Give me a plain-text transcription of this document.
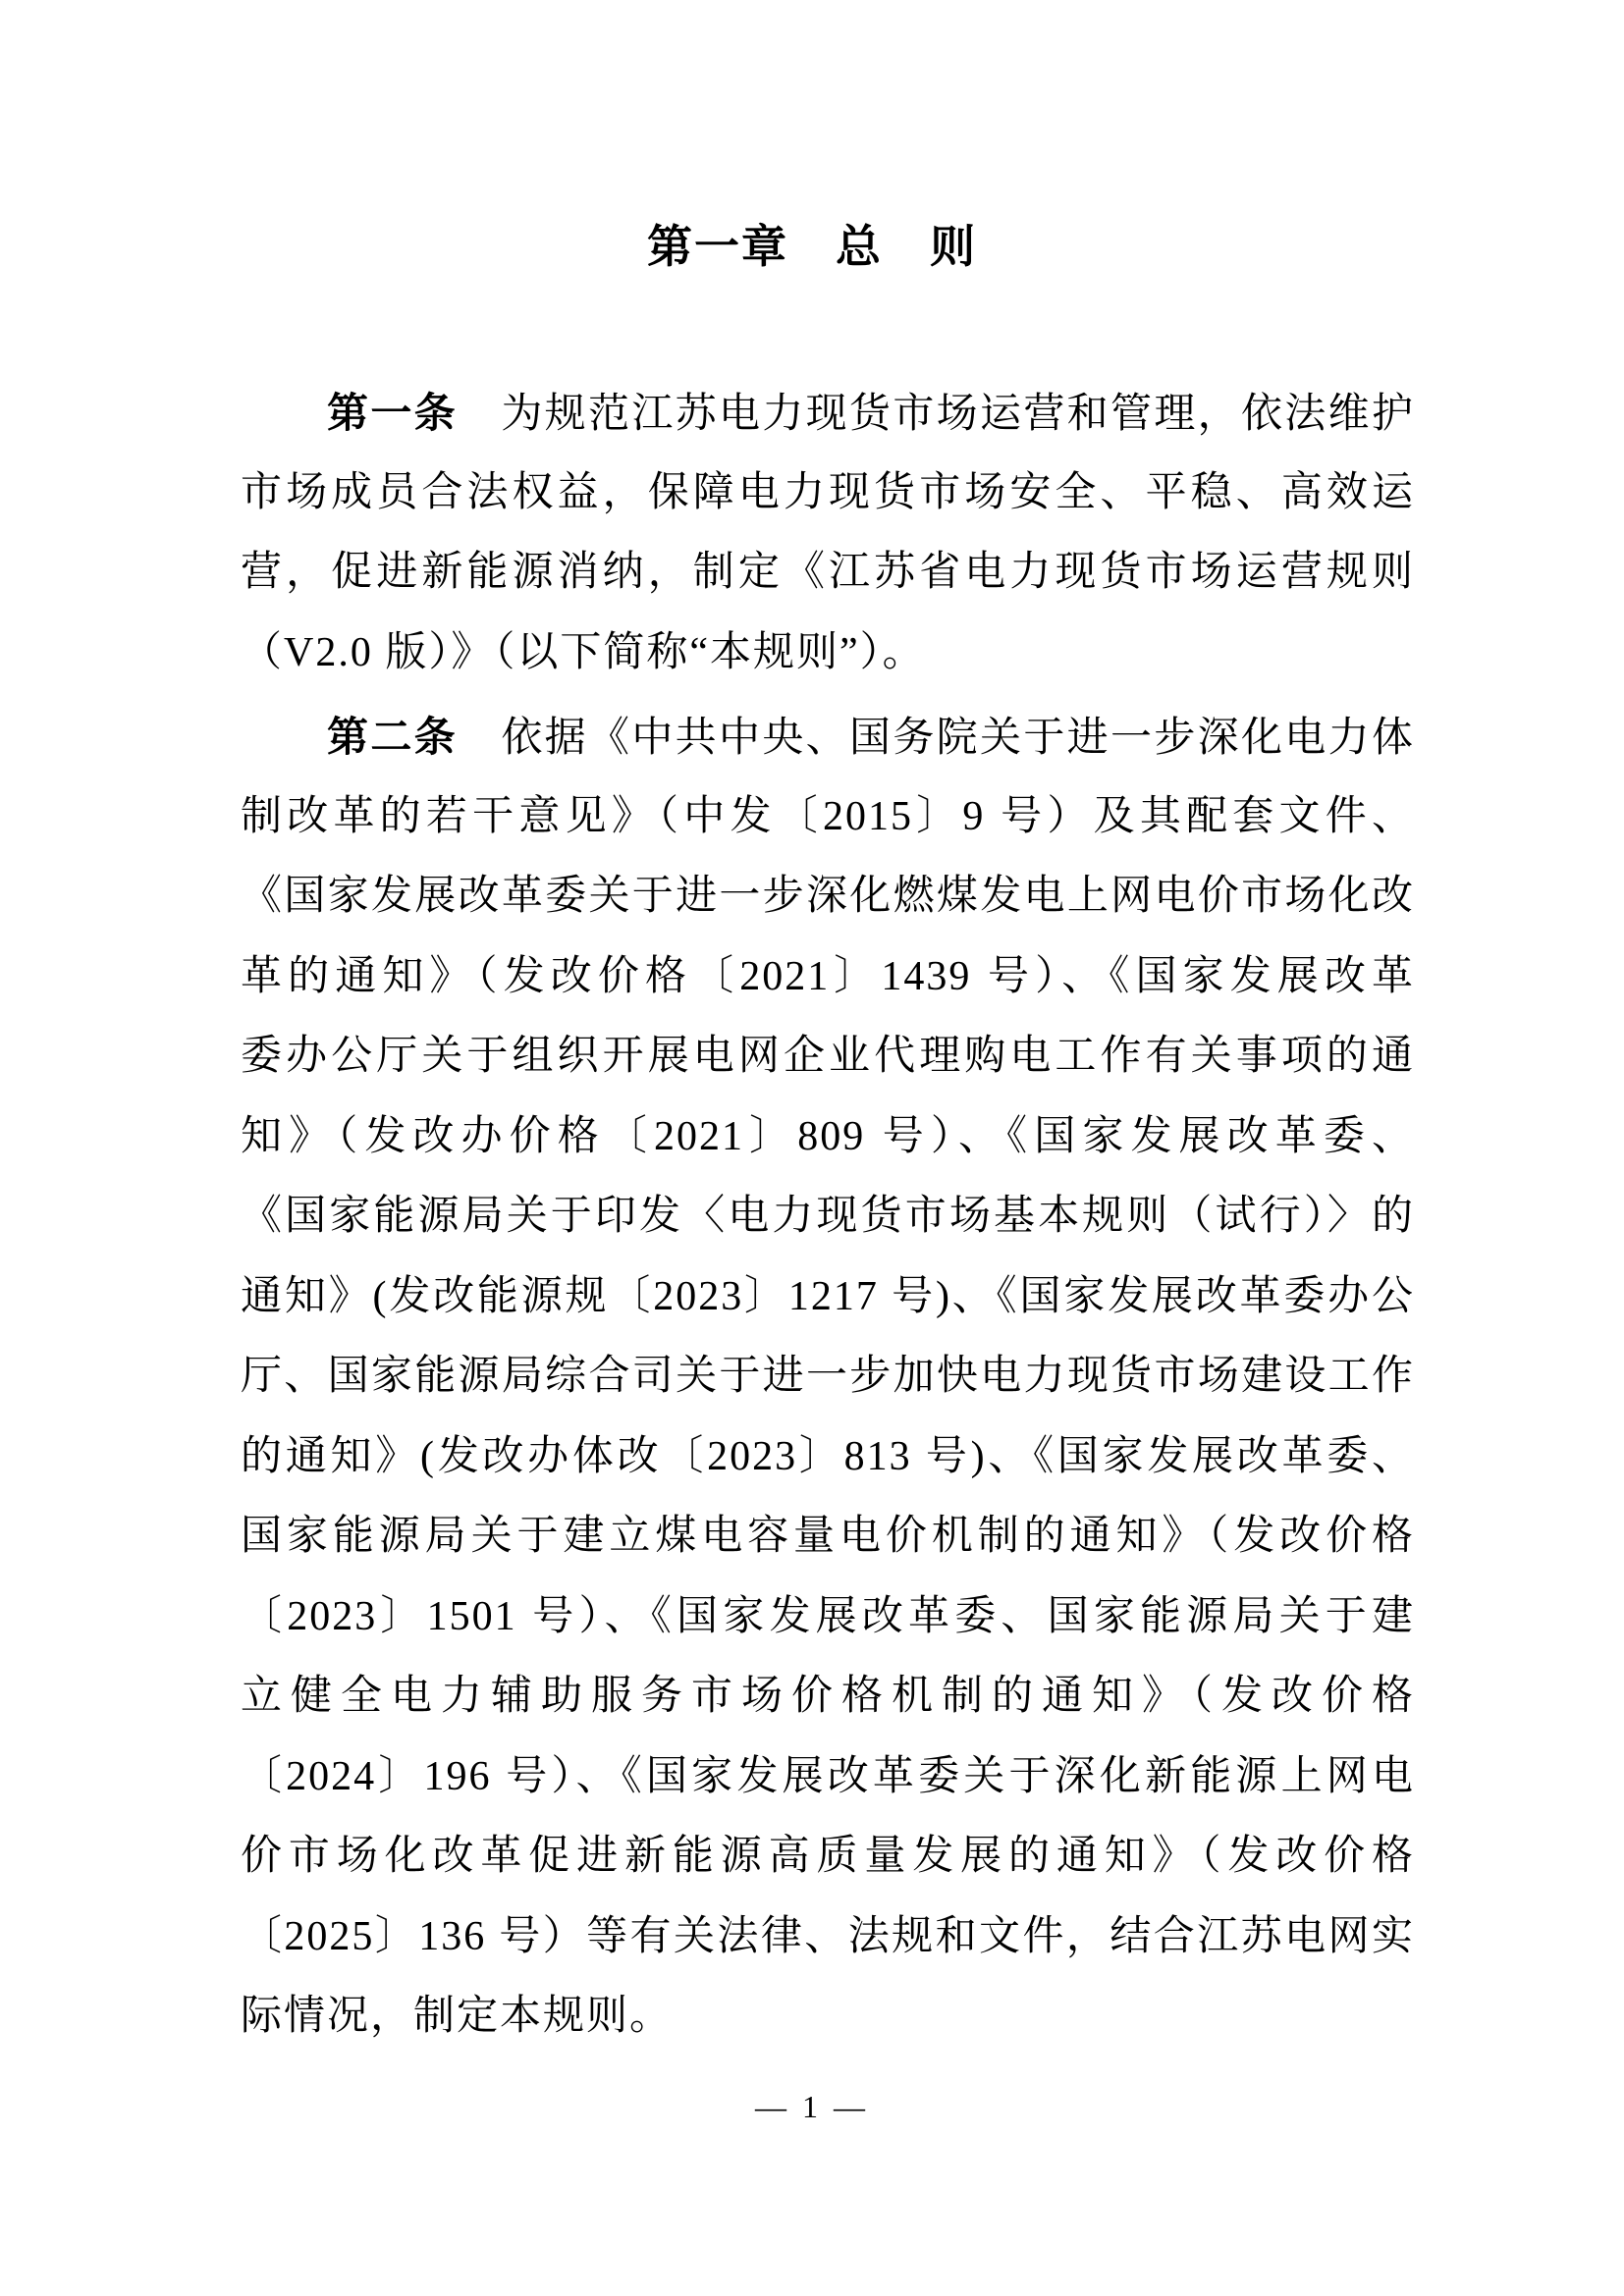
第一章　总　则
第一条　为规范江苏电力现货市场运营和管理，依法维护
市场成员合法权益，保障电力现货市场安全、平稳、高效运
营，促进新能源消纳，制定《江苏省电力现货市场运营规则
（V2.0 版）》（以下简称“本规则”）。
第二条　依据《中共中央、国务院关于进一步深化电力体
制改革的若干意见》（中发〔2015〕9 号）及其配套文件、
《国家发展改革委关于进一步深化燃煤发电上网电价市场化改
革的通知》（发改价格〔2021〕1439 号）、《国家发展改革
委办公厅关于组织开展电网企业代理购电工作有关事项的通
知》（发改办价格〔2021〕809 号）、《国家发展改革委、
《国家能源局关于印发〈电力现货市场基本规则（试行）〉的
通知》(发改能源规〔2023〕1217 号)、《国家发展改革委办公
厅、国家能源局综合司关于进一步加快电力现货市场建设工作
的通知》(发改办体改〔2023〕813 号)、《国家发展改革委、
国家能源局关于建立煤电容量电价机制的通知》（发改价格
〔2023〕1501 号）、《国家发展改革委、国家能源局关于建
立健全电力辅助服务市场价格机制的通知》（发改价格
〔2024〕196 号）、《国家发展改革委关于深化新能源上网电
价市场化改革促进新能源高质量发展的通知》（发改价格
〔2025〕136 号）等有关法律、法规和文件，结合江苏电网实
际情况，制定本规则。
— 1 —
